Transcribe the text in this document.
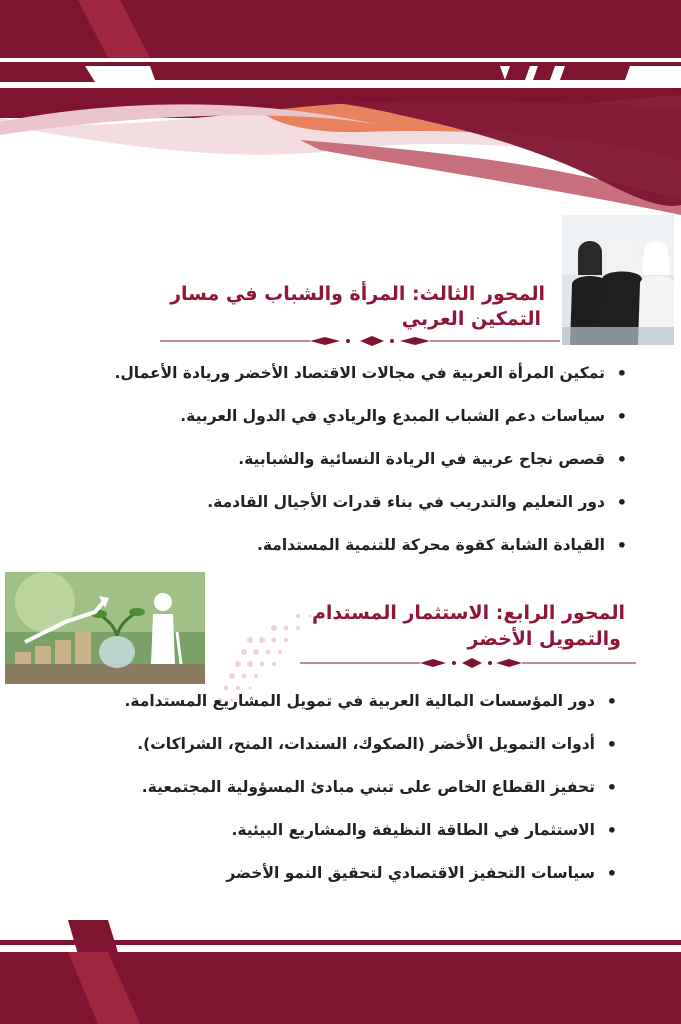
المحور الثالث: المرأة والشباب في مسار
التمكين العربي
• تمكين المرأة العربية في مجالات الاقتصاد الأخضر وريادة الأعمال.
• سياسات دعم الشباب المبدع والريادي في الدول العربية.
• قصص نجاح عربية في الريادة النسائية والشبابية.
• دور التعليم والتدريب في بناء قدرات الأجيال القادمة.
• القيادة الشابة كقوة محركة للتنمية المستدامة.
المحور الرابع: الاستثمار المستدام
والتمويل الأخضر
• دور المؤسسات المالية العربية في تمويل المشاريع المستدامة.
• أدوات التمويل الأخضر (الصكوك، السندات، المنح، الشراكات).
• تحفيز القطاع الخاص على تبني مبادئ المسؤولية المجتمعية.
• الاستثمار في الطاقة النظيفة والمشاريع البيئية.
• سياسات التحفيز الاقتصادي لتحقيق النمو الأخضر
